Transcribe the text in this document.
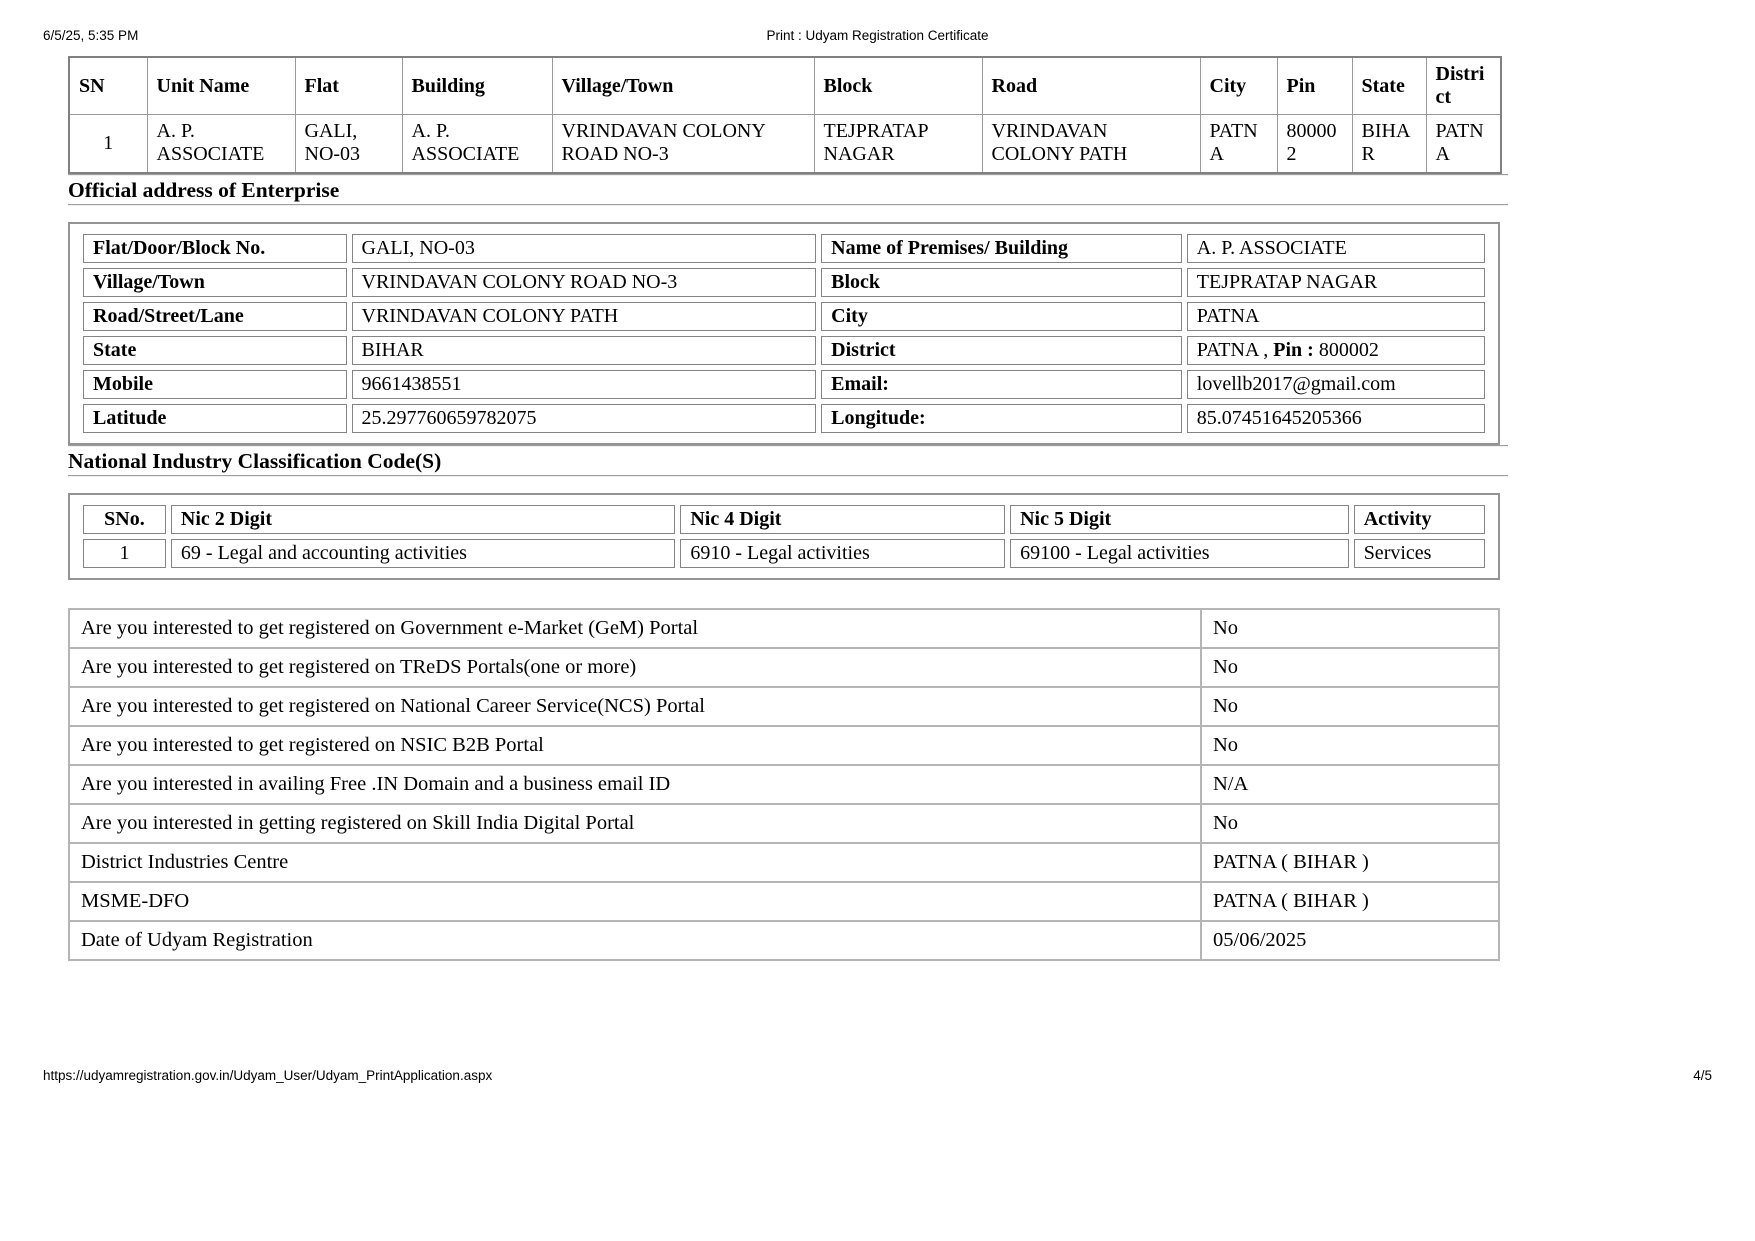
6/5/25, 5:35 PM	Print : Udyam Registration Certificate
SN	Unit Name	Flat	Building	Village/Town	Block	Road	City	Pin	State	District
1	A. P. ASSOCIATE	GALI, NO-03	A. P. ASSOCIATE	VRINDAVAN COLONY ROAD NO-3	TEJPRATAP NAGAR	VRINDAVAN COLONY PATH	PATNA	800002	BIHAR	PATNA
Official address of Enterprise
Flat/Door/Block No.	GALI, NO-03	Name of Premises/ Building	A. P. ASSOCIATE
Village/Town	VRINDAVAN COLONY ROAD NO-3	Block	TEJPRATAP NAGAR
Road/Street/Lane	VRINDAVAN COLONY PATH	City	PATNA
State	BIHAR	District	PATNA , Pin : 800002
Mobile	9661438551	Email:	lovellb2017@gmail.com
Latitude	25.297760659782075	Longitude:	85.07451645205366
National Industry Classification Code(S)
SNo.	Nic 2 Digit	Nic 4 Digit	Nic 5 Digit	Activity
1	69 - Legal and accounting activities	6910 - Legal activities	69100 - Legal activities	Services
Are you interested to get registered on Government e-Market (GeM) Portal	No
Are you interested to get registered on TReDS Portals(one or more)	No
Are you interested to get registered on National Career Service(NCS) Portal	No
Are you interested to get registered on NSIC B2B Portal	No
Are you interested in availing Free .IN Domain and a business email ID	N/A
Are you interested in getting registered on Skill India Digital Portal	No
District Industries Centre	PATNA ( BIHAR )
MSME-DFO	PATNA ( BIHAR )
Date of Udyam Registration	05/06/2025
https://udyamregistration.gov.in/Udyam_User/Udyam_PrintApplication.aspx	4/5
